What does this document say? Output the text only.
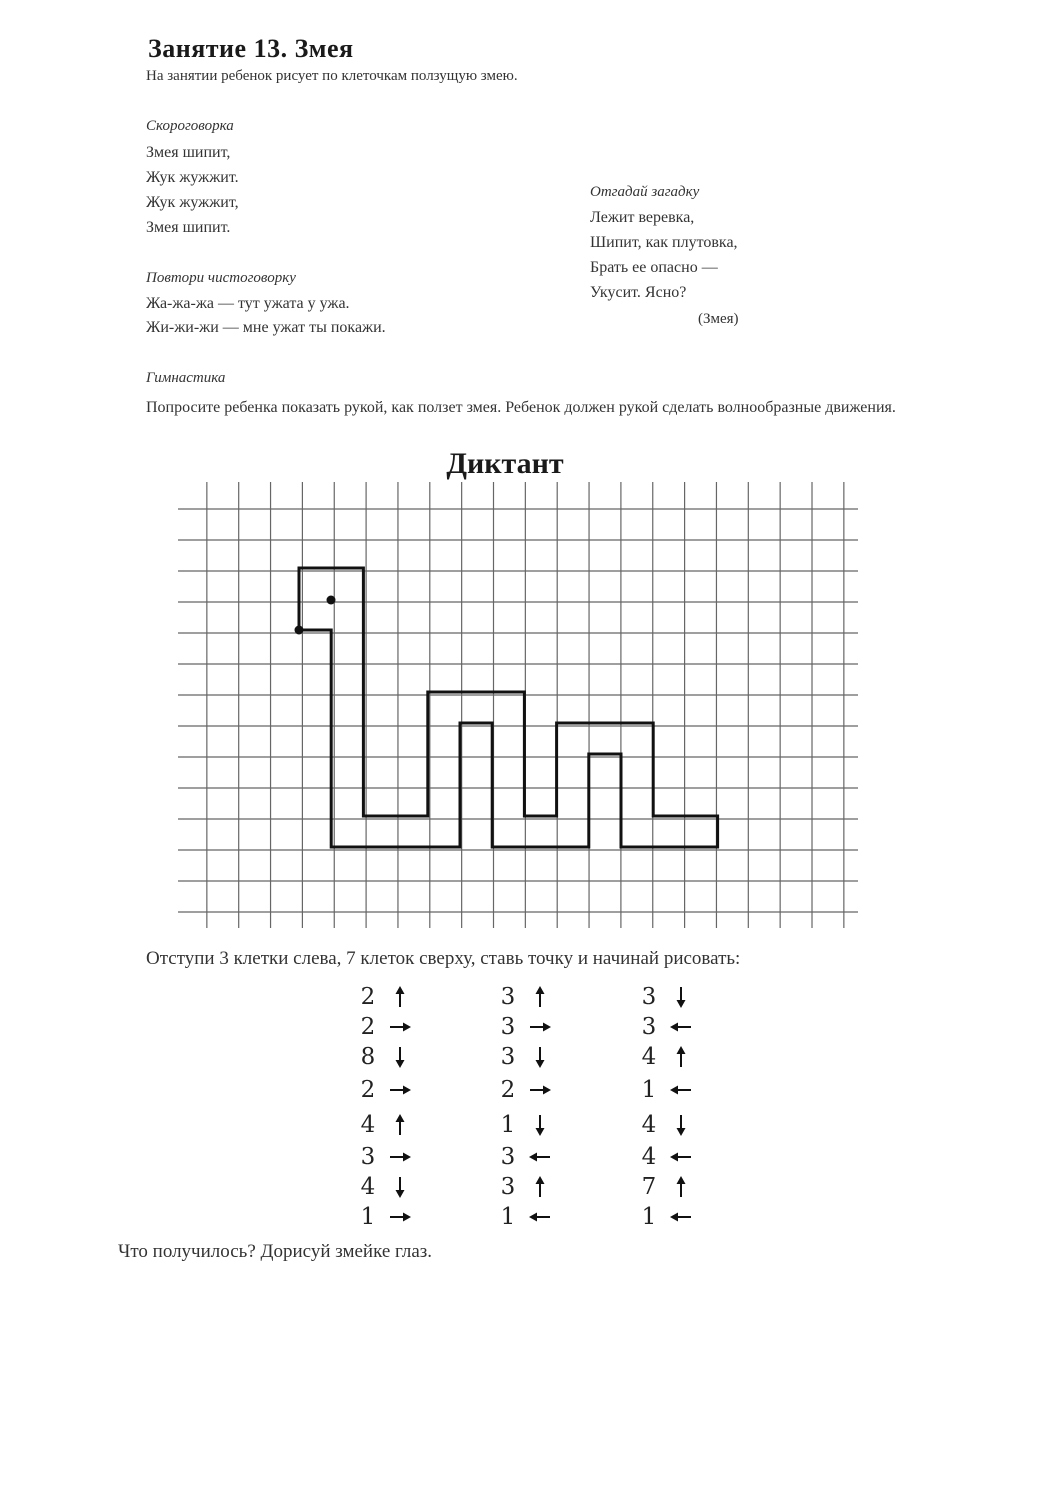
Занятие 13. Змея
На занятии ребенок рисует по клеточкам ползущую змею.
Скороговорка
Змея шипит,
Жук жужжит.
Жук жужжит,
Змея шипит.
Отгадай загадку
Лежит веревка,
Шипит, как плутовка,
Брать ее опасно —
Укусит. Ясно?
(Змея)
Повтори чистоговорку
Жа-жа-жа — тут ужата у ужа.
Жи-жи-жи — мне ужат ты покажи.
Гимнастика
Попросите ребенка показать рукой, как ползет змея. Ребенок должен рукой сделать волнообразные движения.
Диктант
Отступи 3 клетки слева, 7 клеток сверху, ставь точку и начинай рисовать:
2
2
8
2
4
3
4
1
3
3
3
2
1
3
3
1
3
3
4
1
4
4
7
1
Что получилось? Дорисуй змейке глаз.
